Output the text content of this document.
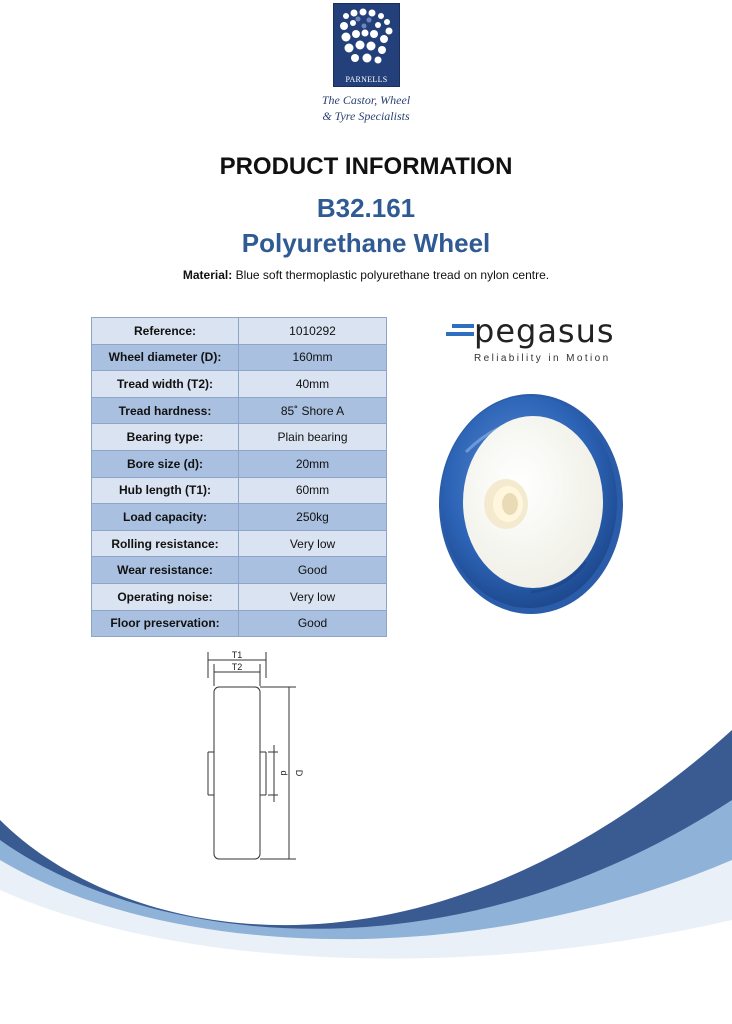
PARNELLS
The Castor, Wheel
& Tyre Specialists
PRODUCT INFORMATION
B32.161
Polyurethane Wheel
Material: Blue soft thermoplastic polyurethane tread on nylon centre.
Reference:	1010292
Wheel diameter (D):	160mm
Tread width (T2):	40mm
Tread hardness:	85˚ Shore A
Bearing type:	Plain bearing
Bore size (d):	20mm
Hub length (T1):	60mm
Load capacity:	250kg
Rolling resistance:	Very low
Wear resistance:	Good
Operating noise:	Very low
Floor preservation:	Good
pegasus
Reliability in Motion
T1
T2
d D
